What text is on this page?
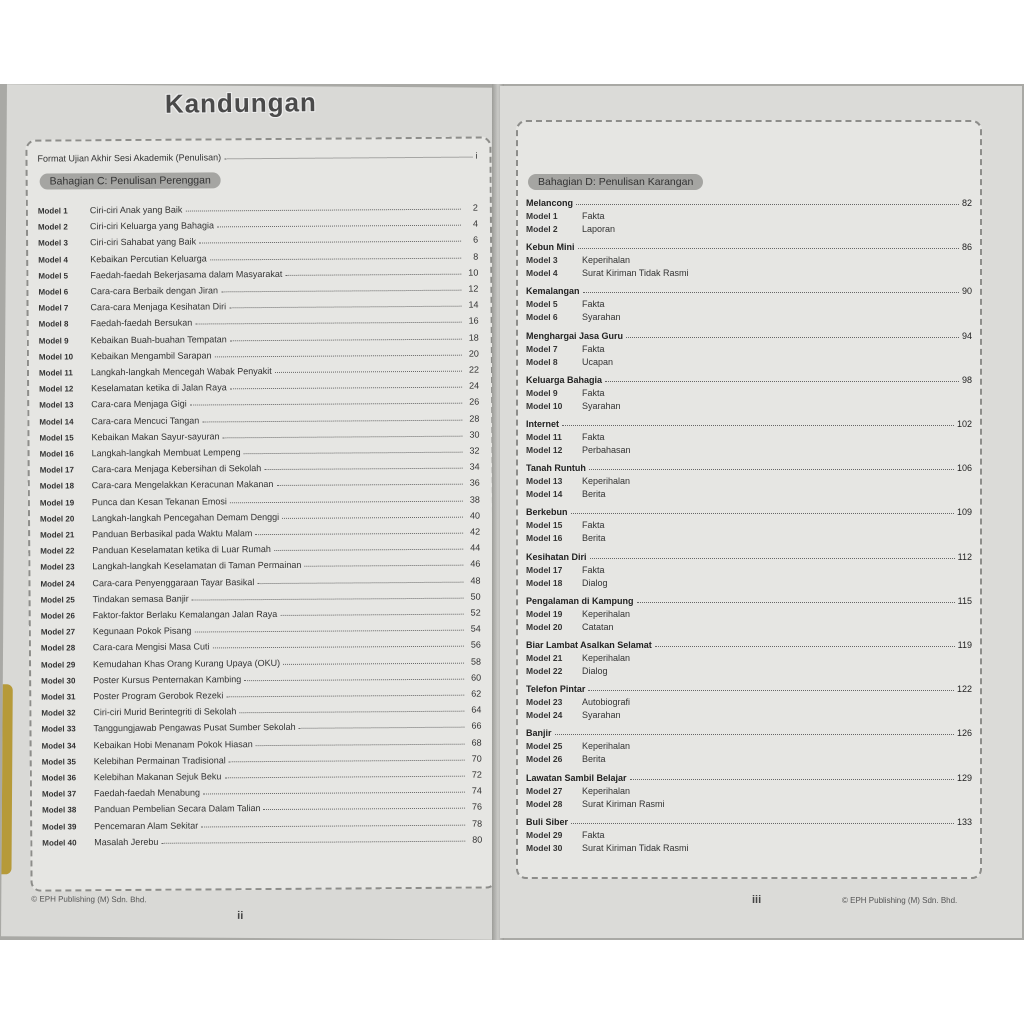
Kandungan
Format Ujian Akhir Sesi Akademik (Penulisan)	i
Bahagian C: Penulisan Perenggan
Model 1	Ciri-ciri Anak yang Baik	2
Model 2	Ciri-ciri Keluarga yang Bahagia	4
Model 3	Ciri-ciri Sahabat yang Baik	6
Model 4	Kebaikan Percutian Keluarga	8
Model 5	Faedah-faedah Bekerjasama dalam Masyarakat	10
Model 6	Cara-cara Berbaik dengan Jiran	12
Model 7	Cara-cara Menjaga Kesihatan Diri	14
Model 8	Faedah-faedah Bersukan	16
Model 9	Kebaikan Buah-buahan Tempatan	18
Model 10	Kebaikan Mengambil Sarapan	20
Model 11	Langkah-langkah Mencegah Wabak Penyakit	22
Model 12	Keselamatan ketika di Jalan Raya	24
Model 13	Cara-cara Menjaga Gigi	26
Model 14	Cara-cara Mencuci Tangan	28
Model 15	Kebaikan Makan Sayur-sayuran	30
Model 16	Langkah-langkah Membuat Lempeng	32
Model 17	Cara-cara Menjaga Kebersihan di Sekolah	34
Model 18	Cara-cara Mengelakkan Keracunan Makanan	36
Model 19	Punca dan Kesan Tekanan Emosi	38
Model 20	Langkah-langkah Pencegahan Demam Denggi	40
Model 21	Panduan Berbasikal pada Waktu Malam	42
Model 22	Panduan Keselamatan ketika di Luar Rumah	44
Model 23	Langkah-langkah Keselamatan di Taman Permainan	46
Model 24	Cara-cara Penyenggaraan Tayar Basikal	48
Model 25	Tindakan semasa Banjir	50
Model 26	Faktor-faktor Berlaku Kemalangan Jalan Raya	52
Model 27	Kegunaan Pokok Pisang	54
Model 28	Cara-cara Mengisi Masa Cuti	56
Model 29	Kemudahan Khas Orang Kurang Upaya (OKU)	58
Model 30	Poster Kursus Penternakan Kambing	60
Model 31	Poster Program Gerobok Rezeki	62
Model 32	Ciri-ciri Murid Berintegriti di Sekolah	64
Model 33	Tanggungjawab Pengawas Pusat Sumber Sekolah	66
Model 34	Kebaikan Hobi Menanam Pokok Hiasan	68
Model 35	Kelebihan Permainan Tradisional	70
Model 36	Kelebihan Makanan Sejuk Beku	72
Model 37	Faedah-faedah Menabung	74
Model 38	Panduan Pembelian Secara Dalam Talian	76
Model 39	Pencemaran Alam Sekitar	78
Model 40	Masalah Jerebu	80
© EPH Publishing (M) Sdn. Bhd.
ii
Bahagian D: Penulisan Karangan
Melancong	82
Model 1	Fakta
Model 2	Laporan
Kebun Mini	86
Model 3	Keperihalan
Model 4	Surat Kiriman Tidak Rasmi
Kemalangan	90
Model 5	Fakta
Model 6	Syarahan
Menghargai Jasa Guru	94
Model 7	Fakta
Model 8	Ucapan
Keluarga Bahagia	98
Model 9	Fakta
Model 10	Syarahan
Internet	102
Model 11	Fakta
Model 12	Perbahasan
Tanah Runtuh	106
Model 13	Keperihalan
Model 14	Berita
Berkebun	109
Model 15	Fakta
Model 16	Berita
Kesihatan Diri	112
Model 17	Fakta
Model 18	Dialog
Pengalaman di Kampung	115
Model 19	Keperihalan
Model 20	Catatan
Biar Lambat Asalkan Selamat	119
Model 21	Keperihalan
Model 22	Dialog
Telefon Pintar	122
Model 23	Autobiografi
Model 24	Syarahan
Banjir	126
Model 25	Keperihalan
Model 26	Berita
Lawatan Sambil Belajar	129
Model 27	Keperihalan
Model 28	Surat Kiriman Rasmi
Buli Siber	133
Model 29	Fakta
Model 30	Surat Kiriman Tidak Rasmi
iii	© EPH Publishing (M) Sdn. Bhd.
